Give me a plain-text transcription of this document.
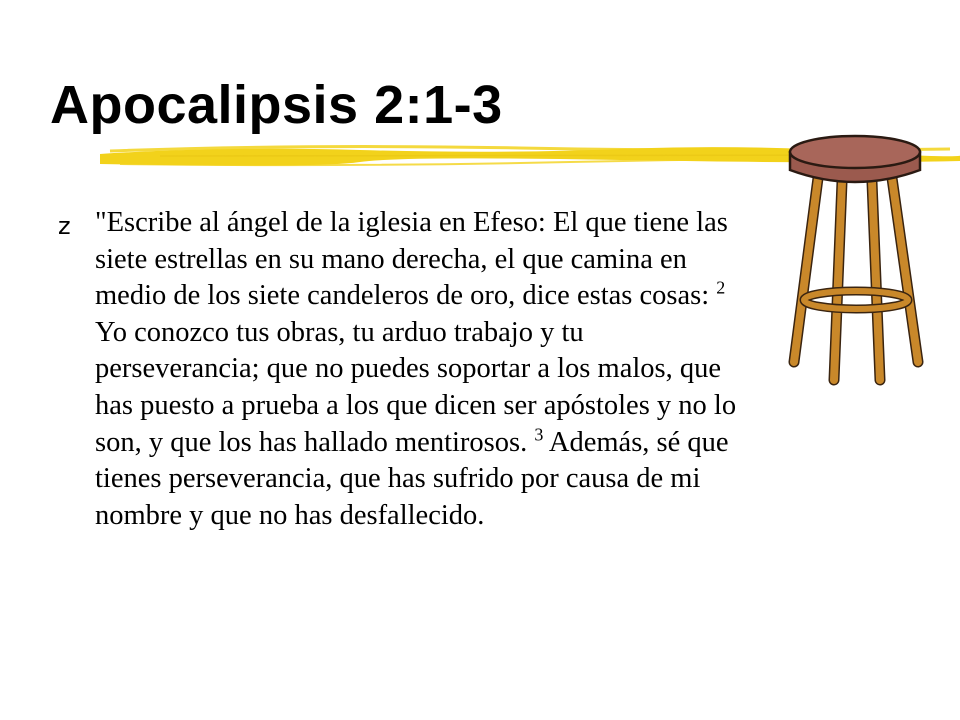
Apocalipsis 2:1-3
z "Escribe al ángel de la iglesia en Efeso: El que tiene las siete estrellas en su mano derecha, el que camina en medio de los siete candeleros de oro, dice estas cosas: $^2$ Yo conozco tus obras, tu arduo trabajo y tu perseverancia; que no puedes soportar a los malos, que has puesto a prueba a los que dicen ser apóstoles y no lo son, y que los has hallado mentirosos. $^3$ Además, sé que tienes perseverancia, que has sufrido por causa de mi nombre y que no has desfallecido.
